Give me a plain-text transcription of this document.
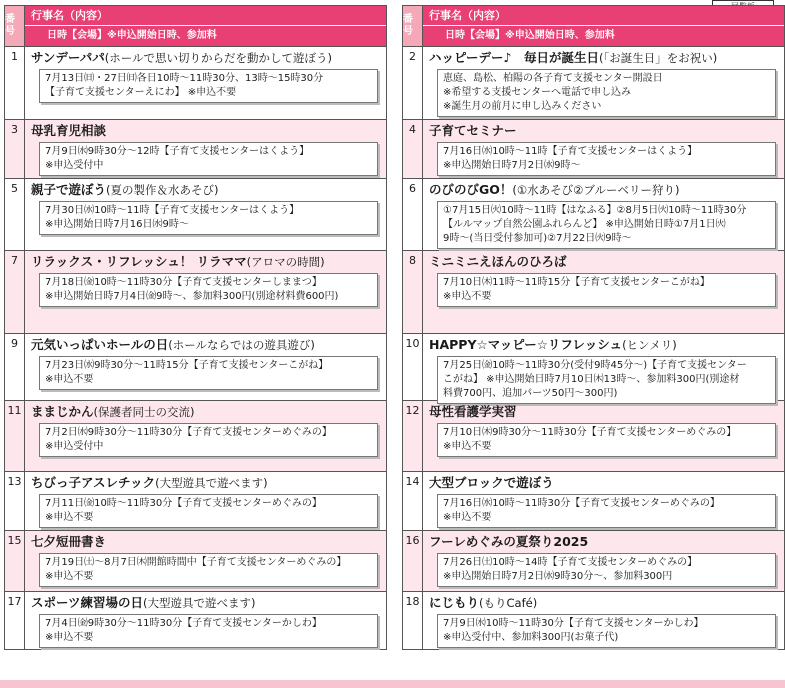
番号
行事名（内容）
日時【会場】※申込開始日時、参加料
1	サンデーパパ(ホールで思い切りからだを動かして遊ぼう)
7月13日㈰・27日㈰各日10時～11時30分、13時～15時30分
【子育て支援センターえにわ】 ※申込不要
3	母乳育児相談
7月9日㈬9時30分～12時【子育て支援センターはくよう】
※申込受付中
5	親子で遊ぼう(夏の製作＆水あそび)
7月30日㈬10時～11時【子育て支援センターはくよう】
※申込開始日時7月16日㈬9時～
7	リラックス・リフレッシュ！ リラママ(アロマの時間)
7月18日㈮10時～11時30分【子育て支援センターしままつ】
※申込開始日時7月4日㈮9時～、参加料300円(別途材料費600円)
9	元気いっぱいホールの日(ホールならではの遊具遊び)
7月23日㈬9時30分～11時15分【子育て支援センターこがね】
※申込不要
11 ままじかん(保護者同士の交流)
7月2日㈬9時30分～11時30分【子育て支援センターめぐみの】
※申込受付中
13 ちびっ子アスレチック(大型遊具で遊べます)
7月11日㈮10時～11時30分【子育て支援センターめぐみの】
※申込不要
15 七夕短冊書き
7月19日㈯～8月7日㈭開館時間中【子育て支援センターめぐみの】
※申込不要
17 スポーツ練習場の日(大型遊具で遊べます)
7月4日㈮9時30分～11時30分【子育て支援センターかしわ】
※申込不要
番号
行事名（内容）
日時【会場】※申込開始日時、参加料
2	ハッピーデー♪　毎日が誕生日(「お誕生日」をお祝い)
恵庭、島松、柏陽の各子育て支援センター開設日
※希望する支援センターへ電話で申し込み
※誕生月の前月に申し込みください
4	子育てセミナー
7月16日㈬10時～11時【子育て支援センターはくよう】
※申込開始日時7月2日㈬9時～
6	のびのびGO！(①水あそび②ブルーベリー狩り)
①7月15日㈫10時～11時【はなふる】②8月5日㈫10時～11時30分
【ルルマップ自然公園ふれらんど】 ※申込開始日時①7月1日㈫
9時～(当日受付参加可)②7月22日㈫9時～
8	ミニミニえほんのひろば
7月10日㈭11時～11時15分【子育て支援センターこがね】
※申込不要
10 HAPPY☆マッピー☆リフレッシュ(ヒンメリ)
7月25日㈮10時～11時30分(受付9時45分～)【子育て支援センター
こがね】 ※申込開始日時7月10日㈭13時～、参加料300円(別途材
料費700円、追加パーツ50円～300円)
12 母性看護学実習
7月10日㈭9時30分～11時30分【子育て支援センターめぐみの】
※申込不要
14 大型ブロックで遊ぼう
7月16日㈬10時～11時30分【子育て支援センターめぐみの】
※申込不要
16 フーレめぐみの夏祭り2025
7月26日㈯10時～14時【子育て支援センターめぐみの】
※申込開始日時7月2日㈬9時30分～、参加料300円
18 にじもり(もりCafé)
7月9日㈬10時～11時30分【子育て支援センターかしわ】
※申込受付中、参加料300円(お菓子代)
